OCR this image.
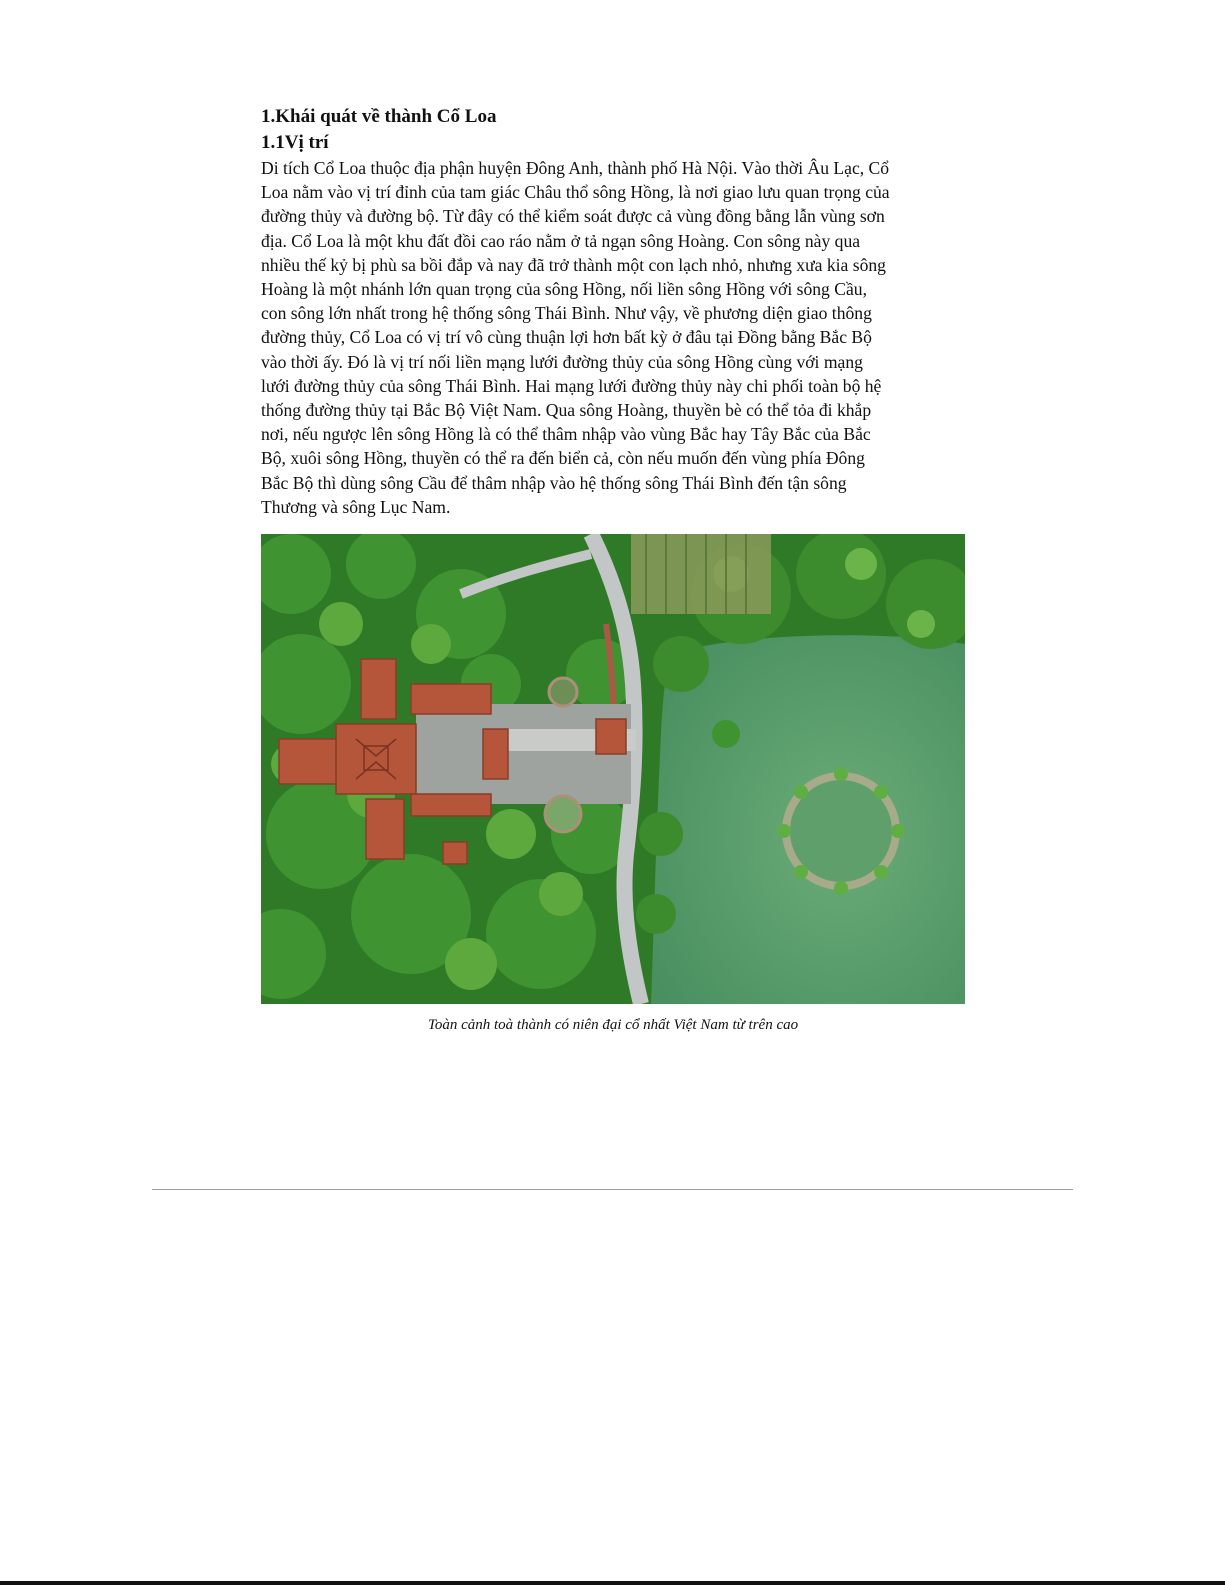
1.Khái quát về thành Cổ Loa
1.1Vị trí

Di tích Cổ Loa thuộc địa phận huyện Đông Anh, thành phố Hà Nội. Vào thời Âu Lạc, Cổ
Loa nằm vào vị trí đỉnh của tam giác Châu thổ sông Hồng, là nơi giao lưu quan trọng của
đường thủy và đường bộ. Từ đây có thể kiểm soát được cả vùng đồng bằng lẫn vùng sơn
địa. Cổ Loa là một khu đất đồi cao ráo nằm ở tả ngạn sông Hoàng. Con sông này qua
nhiều thế kỷ bị phù sa bồi đắp và nay đã trở thành một con lạch nhỏ, nhưng xưa kia sông
Hoàng là một nhánh lớn quan trọng của sông Hồng, nối liền sông Hồng với sông Cầu,
con sông lớn nhất trong hệ thống sông Thái Bình. Như vậy, về phương diện giao thông
đường thủy, Cổ Loa có vị trí vô cùng thuận lợi hơn bất kỳ ở đâu tại Đồng bằng Bắc Bộ
vào thời ấy. Đó là vị trí nối liền mạng lưới đường thủy của sông Hồng cùng với mạng
lưới đường thủy của sông Thái Bình. Hai mạng lưới đường thủy này chi phối toàn bộ hệ
thống đường thủy tại Bắc Bộ Việt Nam. Qua sông Hoàng, thuyền bè có thể tỏa đi khắp
nơi, nếu ngược lên sông Hồng là có thể thâm nhập vào vùng Bắc hay Tây Bắc của Bắc
Bộ, xuôi sông Hồng, thuyền có thể ra đến biển cả, còn nếu muốn đến vùng phía Đông
Bắc Bộ thì dùng sông Cầu để thâm nhập vào hệ thống sông Thái Bình đến tận sông
Thương và sông Lục Nam.

Toàn cảnh toà thành có niên đại cổ nhất Việt Nam từ trên cao
